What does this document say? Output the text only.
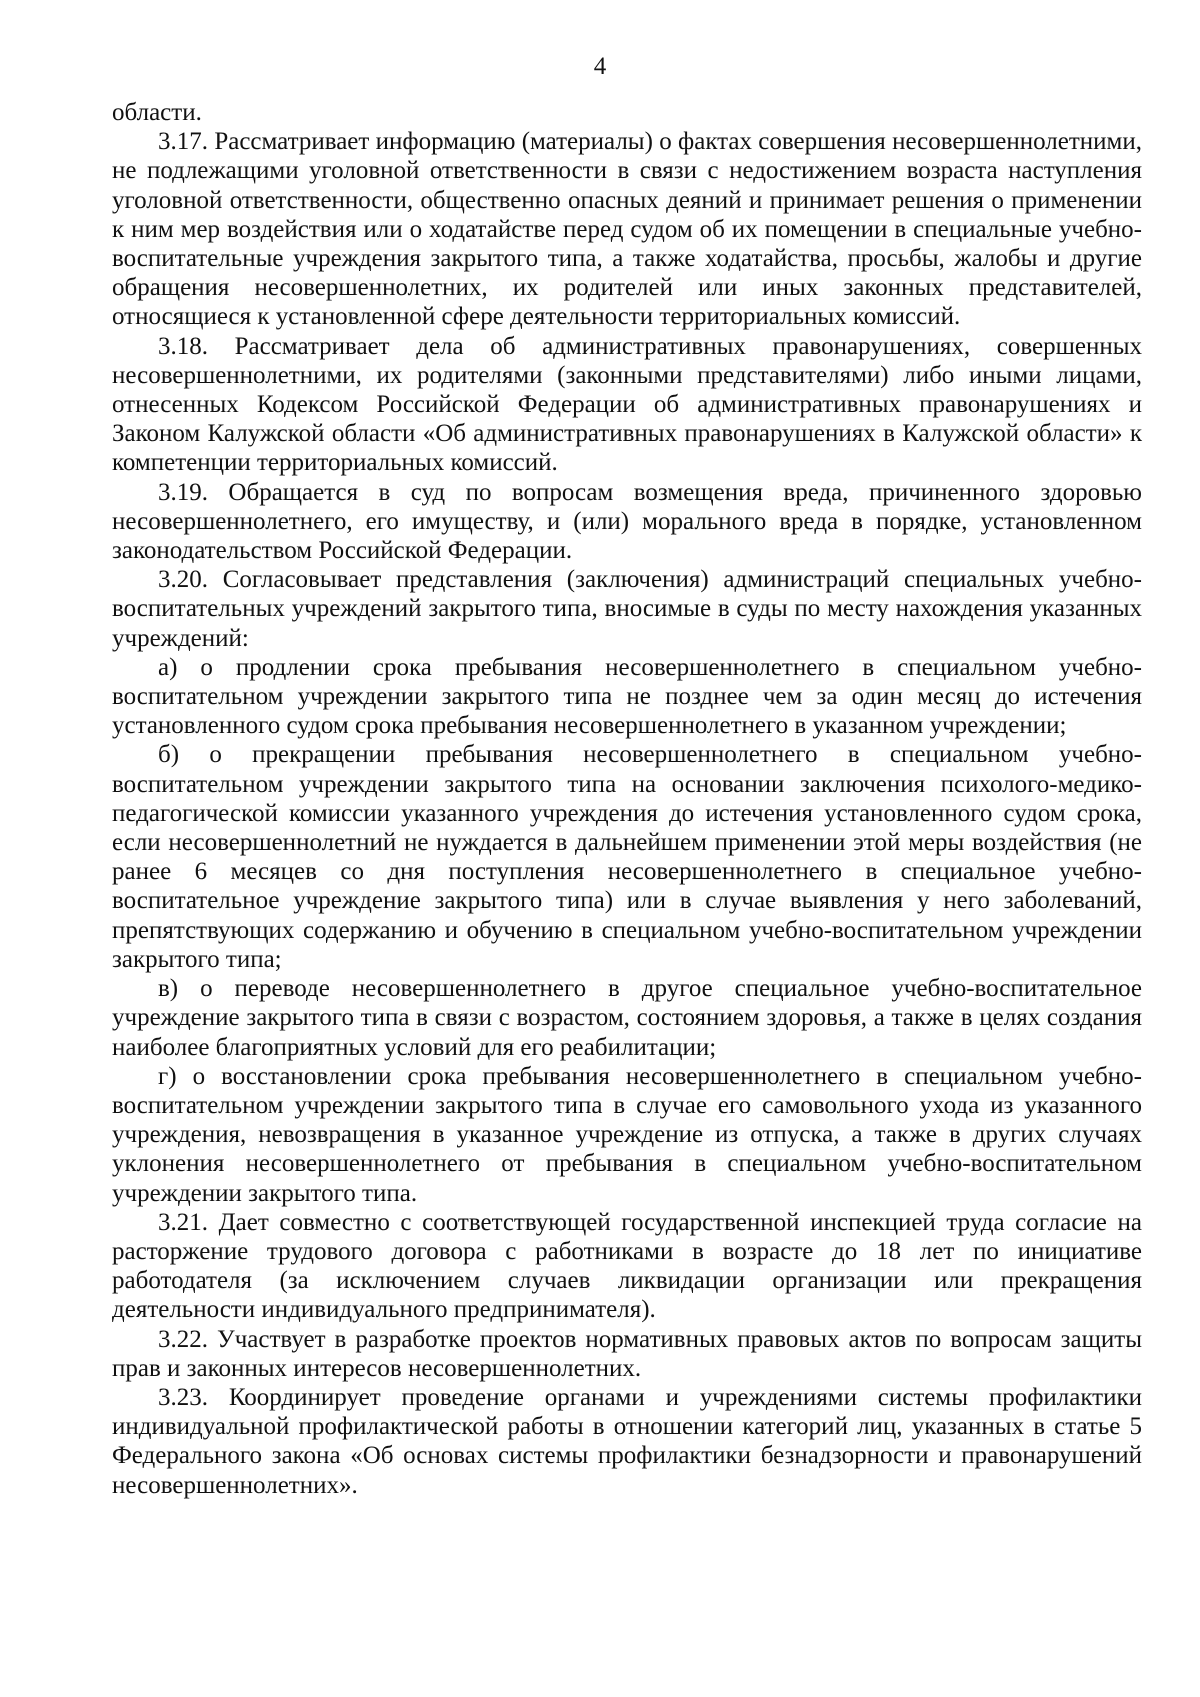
4

области.

3.17. Рассматривает информацию (материалы) о фактах совершения несовершеннолетними, не подлежащими уголовной ответственности в связи с недостижением возраста наступления уголовной ответственности, общественно опасных деяний и принимает решения о применении к ним мер воздействия или о ходатайстве перед судом об их помещении в специальные учебно-воспитательные учреждения закрытого типа, а также ходатайства, просьбы, жалобы и другие обращения несовершеннолетних, их родителей или иных законных представителей, относящиеся к установленной сфере деятельности территориальных комиссий.

3.18. Рассматривает дела об административных правонарушениях, совершенных несовершеннолетними, их родителями (законными представителями) либо иными лицами, отнесенных Кодексом Российской Федерации об административных правонарушениях и Законом Калужской области «Об административных правонарушениях в Калужской области» к компетенции территориальных комиссий.

3.19. Обращается в суд по вопросам возмещения вреда, причиненного здоровью несовершеннолетнего, его имуществу, и (или) морального вреда в порядке, установленном законодательством Российской Федерации.

3.20. Согласовывает представления (заключения) администраций специальных учебно-воспитательных учреждений закрытого типа, вносимые в суды по месту нахождения указанных учреждений:

а) о продлении срока пребывания несовершеннолетнего в специальном учебно-воспитательном учреждении закрытого типа не позднее чем за один месяц до истечения установленного судом срока пребывания несовершеннолетнего в указанном учреждении;

б) о прекращении пребывания несовершеннолетнего в специальном учебно-воспитательном учреждении закрытого типа на основании заключения психолого-медико-педагогической комиссии указанного учреждения до истечения установленного судом срока, если несовершеннолетний не нуждается в дальнейшем применении этой меры воздействия (не ранее 6 месяцев со дня поступления несовершеннолетнего в специальное учебно-воспитательное учреждение закрытого типа) или в случае выявления у него заболеваний, препятствующих содержанию и обучению в специальном учебно-воспитательном учреждении закрытого типа;

в) о переводе несовершеннолетнего в другое специальное учебно-воспитательное учреждение закрытого типа в связи с возрастом, состоянием здоровья, а также в целях создания наиболее благоприятных условий для его реабилитации;

г) о восстановлении срока пребывания несовершеннолетнего в специальном учебно-воспитательном учреждении закрытого типа в случае его самовольного ухода из указанного учреждения, невозвращения в указанное учреждение из отпуска, а также в других случаях уклонения несовершеннолетнего от пребывания в специальном учебно-воспитательном учреждении закрытого типа.

3.21. Дает совместно с соответствующей государственной инспекцией труда согласие на расторжение трудового договора с работниками в возрасте до 18 лет по инициативе работодателя (за исключением случаев ликвидации организации или прекращения деятельности индивидуального предпринимателя).

3.22. Участвует в разработке проектов нормативных правовых актов по вопросам защиты прав и законных интересов несовершеннолетних.

3.23. Координирует проведение органами и учреждениями системы профилактики индивидуальной профилактической работы в отношении категорий лиц, указанных в статье 5 Федерального закона «Об основах системы профилактики безнадзорности и правонарушений несовершеннолетних».
